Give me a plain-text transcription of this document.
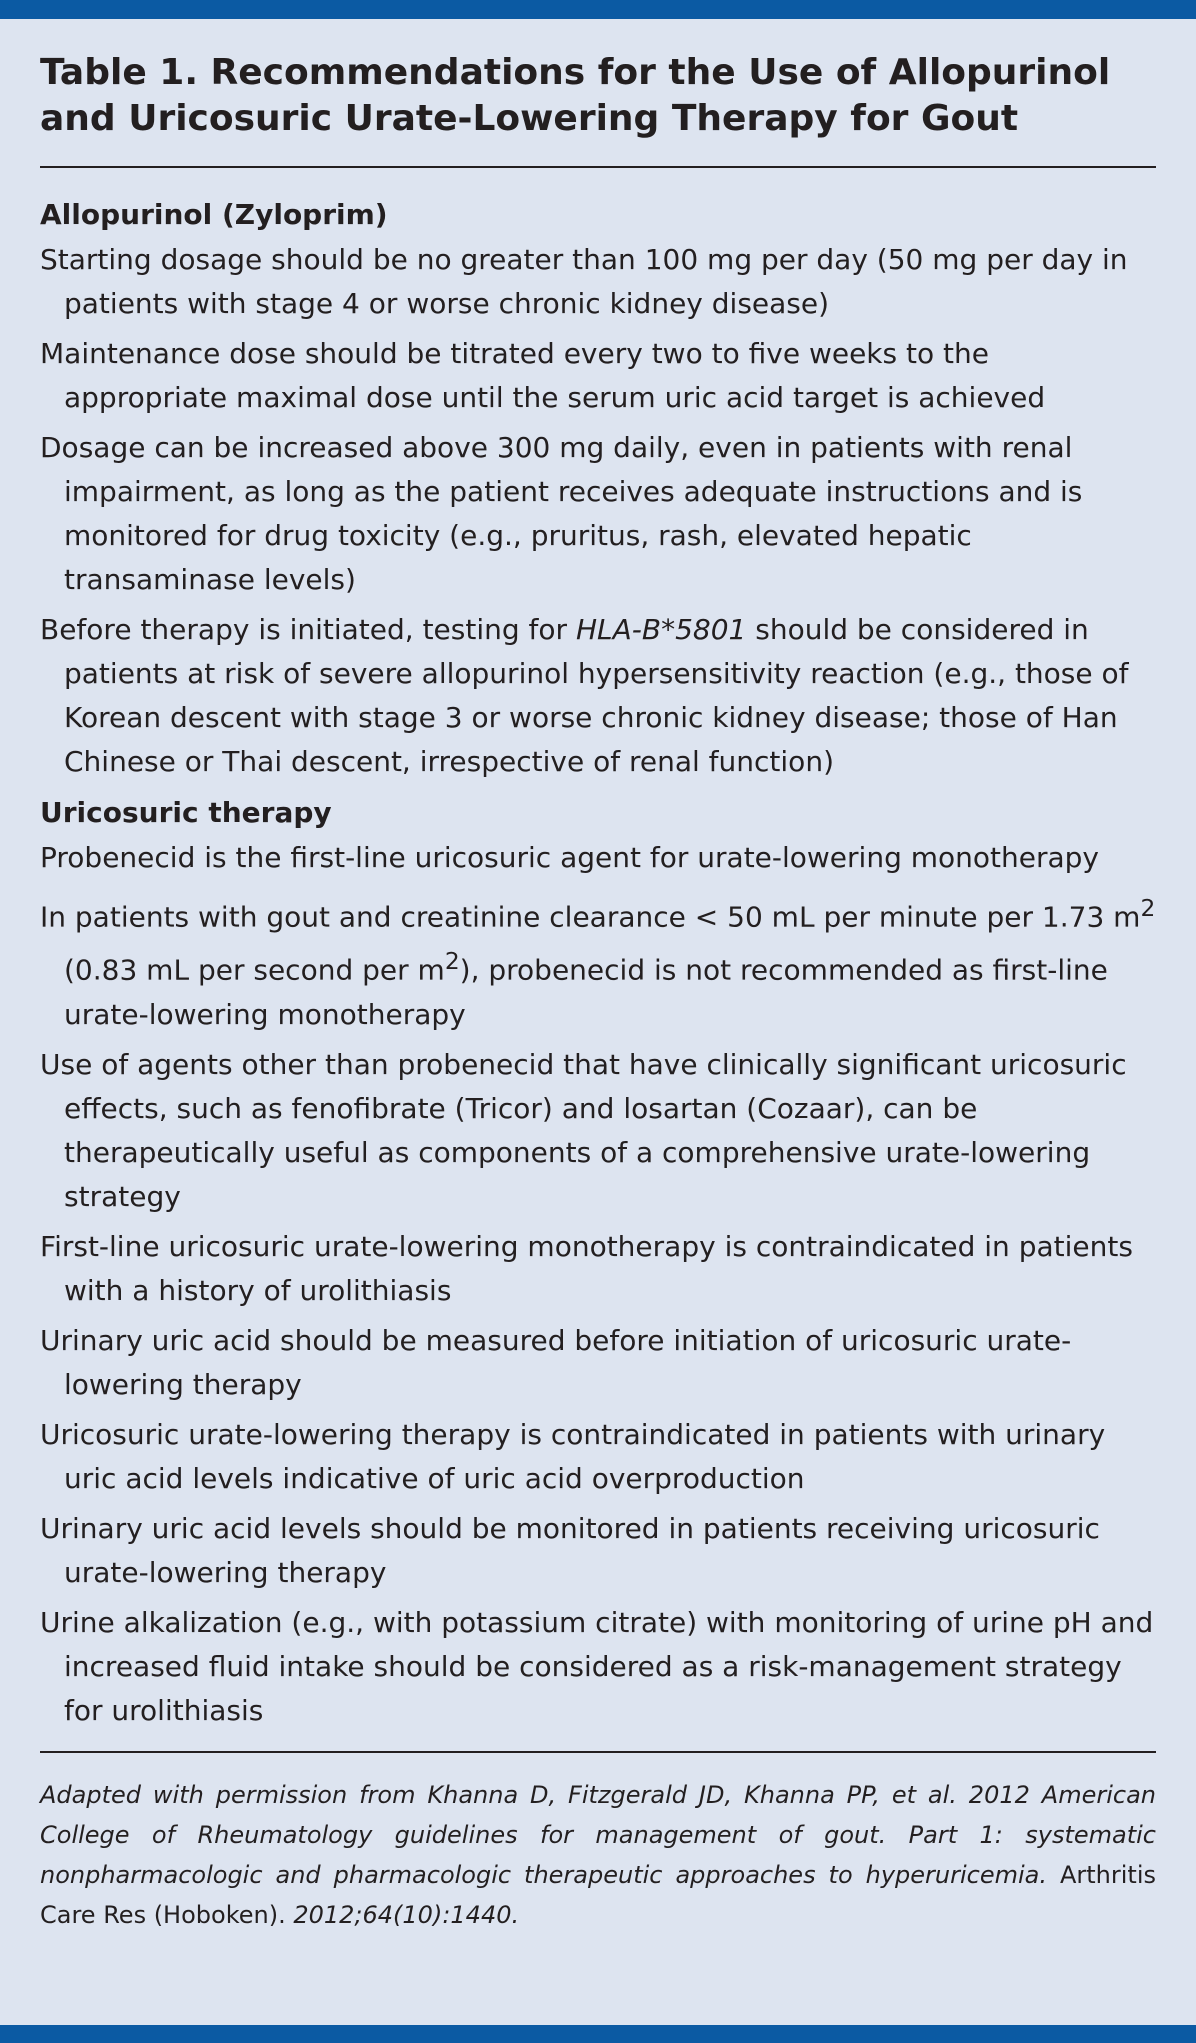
Table 1. Recommendations for the Use of Allopurinol and Uricosuric Urate-Lowering Therapy for Gout

Allopurinol (Zyloprim)

Starting dosage should be no greater than 100 mg per day (50 mg per day in patients with stage 4 or worse chronic kidney disease)

Maintenance dose should be titrated every two to five weeks to the appropriate maximal dose until the serum uric acid target is achieved

Dosage can be increased above 300 mg daily, even in patients with renal impairment, as long as the patient receives adequate instructions and is monitored for drug toxicity (e.g., pruritus, rash, elevated hepatic transaminase levels)

Before therapy is initiated, testing for HLA-B*5801 should be considered in patients at risk of severe allopurinol hypersensitivity reaction (e.g., those of Korean descent with stage 3 or worse chronic kidney disease; those of Han Chinese or Thai descent, irrespective of renal function)

Uricosuric therapy

Probenecid is the first-line uricosuric agent for urate-lowering monotherapy

In patients with gout and creatinine clearance < 50 mL per minute per 1.73 $m^2$ (0.83 mL per second per $m^2$), probenecid is not recommended as first-line urate-lowering monotherapy

Use of agents other than probenecid that have clinically significant uricosuric effects, such as fenofibrate (Tricor) and losartan (Cozaar), can be therapeutically useful as components of a comprehensive urate-lowering strategy

First-line uricosuric urate-lowering monotherapy is contraindicated in patients with a history of urolithiasis

Urinary uric acid should be measured before initiation of uricosuric urate-lowering therapy

Uricosuric urate-lowering therapy is contraindicated in patients with urinary uric acid levels indicative of uric acid overproduction

Urinary uric acid levels should be monitored in patients receiving uricosuric urate-lowering therapy

Urine alkalization (e.g., with potassium citrate) with monitoring of urine pH and increased fluid intake should be considered as a risk-management strategy for urolithiasis

Adapted with permission from Khanna D, Fitzgerald JD, Khanna PP, et al. 2012 American College of Rheumatology guidelines for management of gout. Part 1: systematic nonpharmacologic and pharmacologic therapeutic approaches to hyperuricemia. Arthritis Care Res (Hoboken). 2012;64(10):1440.
